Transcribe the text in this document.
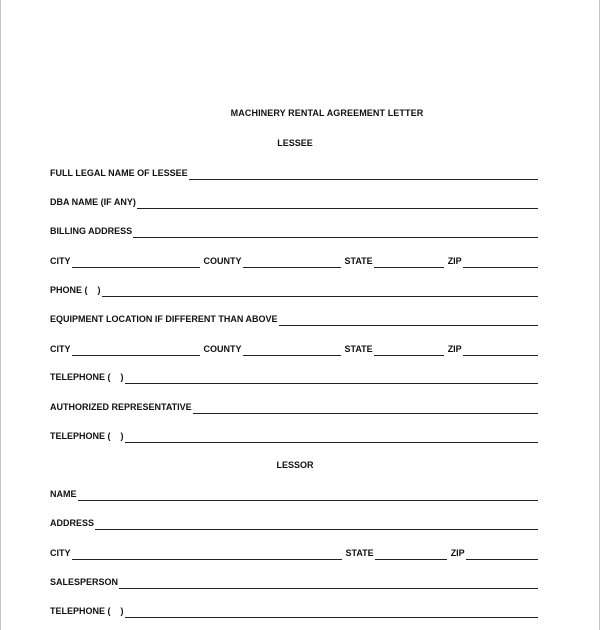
MACHINERY RENTAL AGREEMENT LETTER
LESSEE
FULL LEGAL NAME OF LESSEE
DBA NAME (IF ANY)
BILLING ADDRESS
CITY	COUNTY	STATE	ZIP
PHONE (    )
EQUIPMENT LOCATION IF DIFFERENT THAN ABOVE
CITY	COUNTY	STATE	ZIP
TELEPHONE (    )
AUTHORIZED REPRESENTATIVE
TELEPHONE (    )
LESSOR
NAME
ADDRESS
CITY	STATE	ZIP
SALESPERSON
TELEPHONE (    )
